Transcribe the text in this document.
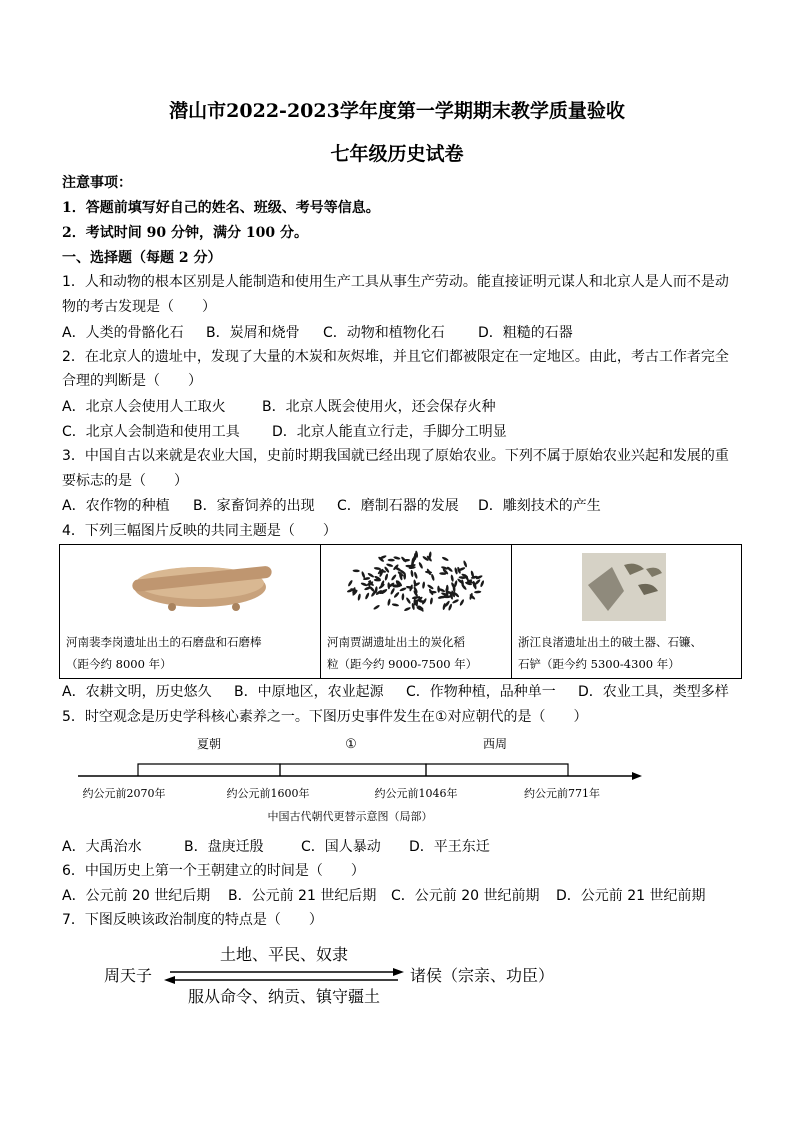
潜山市2022-2023学年度第一学期期末教学质量验收
七年级历史试卷
注意事项：
1．答题前填写好自己的姓名、班级、考号等信息。
2．考试时间 90 分钟，满分 100 分。
一、选择题（每题 2 分）
1．人和动物的根本区别是人能制造和使用生产工具从事生产劳动。能直接证明元谋人和北京人是人而不是动
物的考古发现是（　　）
A．人类的骨骼化石 B．炭屑和烧骨 C．动物和植物化石 D．粗糙的石器
2．在北京人的遗址中，发现了大量的木炭和灰烬堆，并且它们都被限定在一定地区。由此，考古工作者完全
合理的判断是（　　）
A．北京人会使用人工取火	B．北京人既会使用火，还会保存火种
C．北京人会制造和使用工具 D．北京人能直立行走，手脚分工明显
3．中国自古以来就是农业大国，史前时期我国就已经出现了原始农业。下列不属于原始农业兴起和发展的重
要标志的是（　　）
A．农作物的种植 B．家畜饲养的出现 C．磨制石器的发展 D．雕刻技术的产生
4．下列三幅图片反映的共同主题是（　　）
河南裴李岗遗址出土的石磨盘和石磨棒
（距今约 8000 年）

河南贾湖遗址出土的炭化稻
粒（距今约 9000-7500 年）

浙江良渚遗址出土的破土器、石镰、
石铲（距今约 5300-4300 年）
A．农耕文明，历史悠久 B．中原地区，农业起源 C．作物种植，品种单一 D．农业工具，类型多样
5．时空观念是历史学科核心素养之一。下图历史事件发生在①对应朝代的是（　　）
夏朝	①	西周
约公元前2070年	约公元前1600年	约公元前1046年	约公元前771年
中国古代朝代更替示意图（局部）
A．大禹治水	B．盘庚迁殷	C．国人暴动 D．平王东迁
6．中国历史上第一个王朝建立的时间是（　　）
A．公元前 20 世纪后期 B．公元前 21 世纪后期 C．公元前 20 世纪前期 D．公元前 21 世纪前期
7．下图反映该政治制度的特点是（　　）
周天子	诸侯（宗亲、功臣）
土地、平民、奴隶
服从命令、纳贡、镇守疆土
